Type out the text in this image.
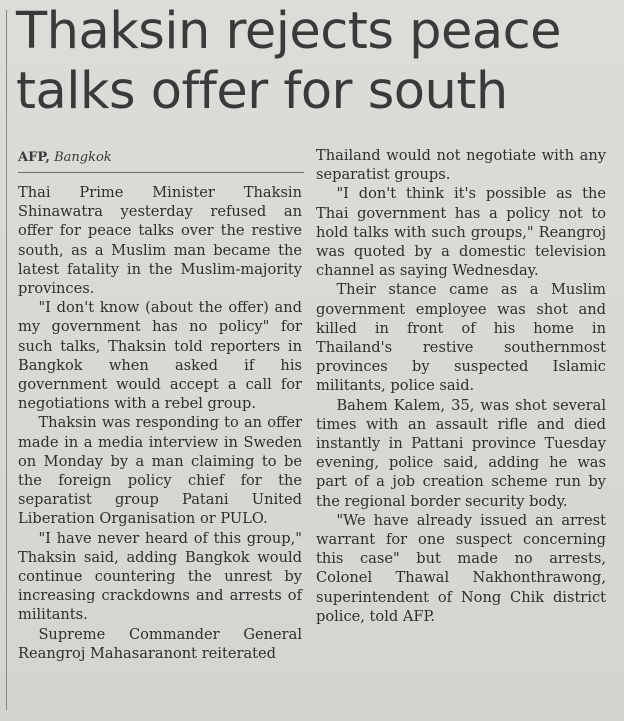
Thaksin rejects peace
talks offer for south
AFP, Bangkok

Thai Prime Minister Thaksin Shinawatra yesterday refused an offer for peace talks over the restive south, as a Muslim man became the latest fatality in the Muslim-majority provinces.

"I don't know (about the offer) and my government has no policy" for such talks, Thaksin told reporters in Bangkok when asked if his government would accept a call for negotiations with a rebel group.

Thaksin was responding to an offer made in a media interview in Sweden on Monday by a man claiming to be the foreign policy chief for the separatist group Patani United Liberation Organisation or PULO.

"I have never heard of this group," Thaksin said, adding Bangkok would continue countering the unrest by increasing crackdowns and arrests of militants.

Supreme Commander General Reangroj Mahasaranont reiterated

Thailand would not negotiate with any separatist groups.

"I don't think it's possible as the Thai government has a policy not to hold talks with such groups," Reangroj was quoted by a domestic television channel as saying Wednesday.

Their stance came as a Muslim government employee was shot and killed in front of his home in Thailand's restive southernmost provinces by suspected Islamic militants, police said.

Bahem Kalem, 35, was shot several times with an assault rifle and died instantly in Pattani province Tuesday evening, police said, adding he was part of a job creation scheme run by the regional border security body.

"We have already issued an arrest warrant for one suspect concerning this case" but made no arrests, Colonel Thawal Nakhonthrawong, superintendent of Nong Chik district police, told AFP.
